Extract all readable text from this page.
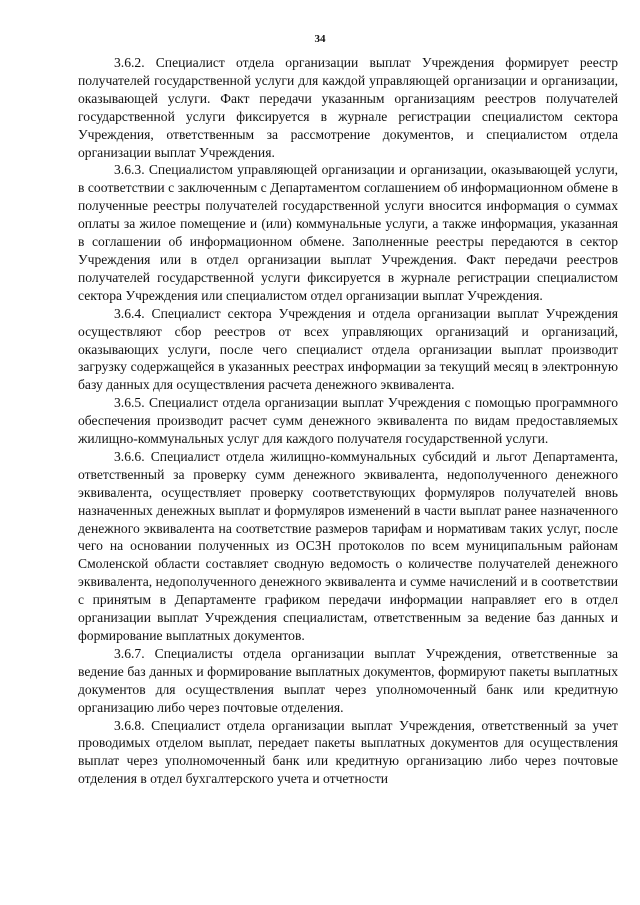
34

3.6.2. Специалист отдела организации выплат Учреждения формирует реестр получателей государственной услуги для каждой управляющей организации и организации, оказывающей услуги. Факт передачи указанным организациям реестров получателей государственной услуги фиксируется в журнале регистрации специалистом сектора Учреждения, ответственным за рассмотрение документов, и специалистом отдела организации выплат Учреждения.

3.6.3. Специалистом управляющей организации и организации, оказывающей услуги, в соответствии с заключенным с Департаментом соглашением об информационном обмене в полученные реестры получателей государственной услуги вносится информация о суммах оплаты за жилое помещение и (или) коммунальные услуги, а также информация, указанная в соглашении об информационном обмене. Заполненные реестры передаются в сектор Учреждения или в отдел организации выплат Учреждения. Факт передачи реестров получателей государственной услуги фиксируется в журнале регистрации специалистом сектора Учреждения или специалистом отдел организации выплат Учреждения.

3.6.4. Специалист сектора Учреждения и отдела организации выплат Учреждения осуществляют сбор реестров от всех управляющих организаций и организаций, оказывающих услуги, после чего специалист отдела организации выплат производит загрузку содержащейся в указанных реестрах информации за текущий месяц в электронную базу данных для осуществления расчета денежного эквивалента.

3.6.5. Специалист отдела организации выплат Учреждения с помощью программного обеспечения производит расчет сумм денежного эквивалента по видам предоставляемых жилищно-коммунальных услуг для каждого получателя государственной услуги.

3.6.6. Специалист отдела жилищно-коммунальных субсидий и льгот Департамента, ответственный за проверку сумм денежного эквивалента, недополученного денежного эквивалента, осуществляет проверку соответствующих формуляров получателей вновь назначенных денежных выплат и формуляров изменений в части выплат ранее назначенного денежного эквивалента на соответствие размеров тарифам и нормативам таких услуг, после чего на основании полученных из ОСЗН протоколов по всем муниципальным районам Смоленской области составляет сводную ведомость о количестве получателей денежного эквивалента, недополученного денежного эквивалента и сумме начислений и в соответствии с принятым в Департаменте графиком передачи информации направляет его в отдел организации выплат Учреждения специалистам, ответственным за ведение баз данных и формирование выплатных документов.

3.6.7. Специалисты отдела организации выплат Учреждения, ответственные за ведение баз данных и формирование выплатных документов, формируют пакеты выплатных документов для осуществления выплат через уполномоченный банк или кредитную организацию либо через почтовые отделения.

3.6.8. Специалист отдела организации выплат Учреждения, ответственный за учет проводимых отделом выплат, передает пакеты выплатных документов для осуществления выплат через уполномоченный банк или кредитную организацию либо через почтовые отделения в отдел бухгалтерского учета и отчетности
